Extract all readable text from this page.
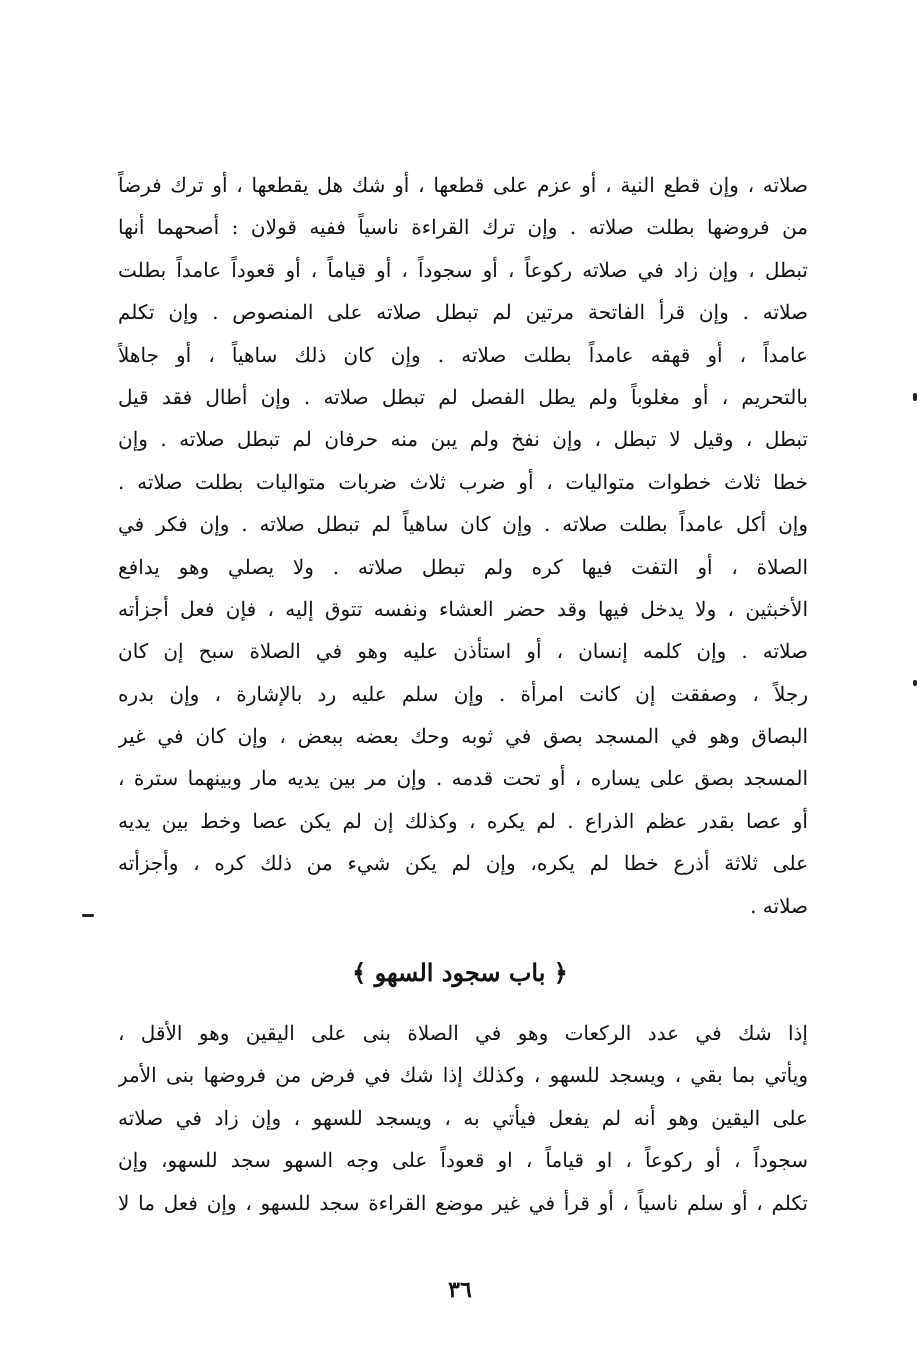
صلاته ، وإن قطع النية ، أو عزم على قطعها ، أو شك هل يقطعها ، أو ترك فرضاً
من فروضها بطلت صلاته . وإن ترك القراءة ناسياً ففيه قولان : أصحهما أنها
تبطل ، وإن زاد في صلاته ركوعاً ، أو سجوداً ، أو قياماً ، أو قعوداً عامداً بطلت
صلاته . وإن قرأ الفاتحة مرتين لم تبطل صلاته على المنصوص . وإن تكلم
عامداً ، أو قهقه عامداً بطلت صلاته . وإن كان ذلك ساهياً ، أو جاهلاً
بالتحريم ، أو مغلوباً ولم يطل الفصل لم تبطل صلاته . وإن أطال فقد قيل
تبطل ، وقيل لا تبطل ، وإن نفخ ولم يبن منه حرفان لم تبطل صلاته . وإن
خطا ثلاث خطوات متواليات ، أو ضرب ثلاث ضربات متواليات بطلت صلاته .
وإن أكل عامداً بطلت صلاته . وإن كان ساهياً لم تبطل صلاته . وإن فكر في
الصلاة ، أو التفت فيها كره ولم تبطل صلاته . ولا يصلي وهو يدافع
الأخبثين ، ولا يدخل فيها وقد حضر العشاء ونفسه تتوق إليه ، فإن فعل أجزأته
صلاته . وإن كلمه إنسان ، أو استأذن عليه وهو في الصلاة سبح إن كان
رجلاً ، وصفقت إن كانت امرأة . وإن سلم عليه رد بالإشارة ، وإن بدره
البصاق وهو في المسجد بصق في ثوبه وحك بعضه ببعض ، وإن كان في غير
المسجد بصق على يساره ، أو تحت قدمه . وإن مر بين يديه مار وبينهما سترة ،
أو عصا بقدر عظم الذراع . لم يكره ، وكذلك إن لم يكن عصا وخط بين يديه
على ثلاثة أذرع خطا لم يكره، وإن لم يكن شيء من ذلك كره ، وأجزأته
صلاته .
﴿ باب سجود السهو ﴾
إذا شك في عدد الركعات وهو في الصلاة بنى على اليقين وهو الأقل ،
ويأتي بما بقي ، ويسجد للسهو ، وكذلك إذا شك في فرض من فروضها بنى الأمر
على اليقين وهو أنه لم يفعل فيأتي به ، ويسجد للسهو ، وإن زاد في صلاته
سجوداً ، أو ركوعاً ، او قياماً ، او قعوداً على وجه السهو سجد للسهو، وإن
تكلم ، أو سلم ناسياً ، أو قرأ في غير موضع القراءة سجد للسهو ، وإن فعل ما لا
٣٦
